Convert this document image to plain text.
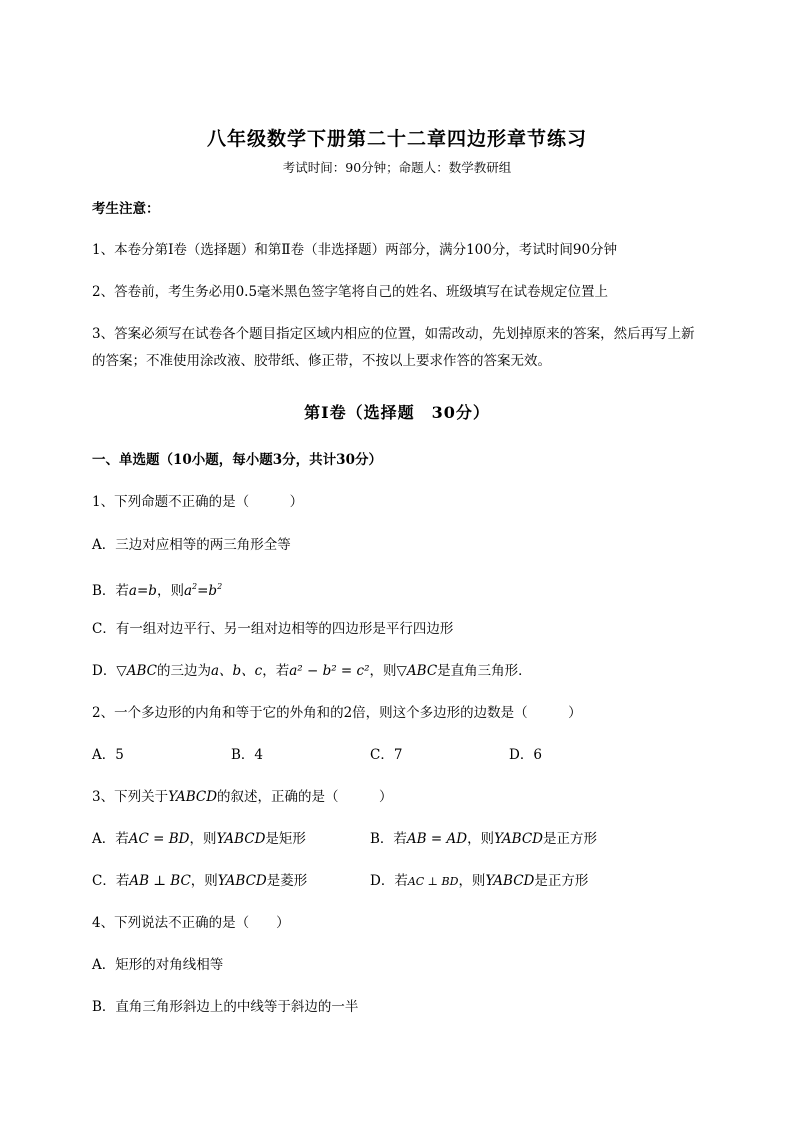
八年级数学下册第二十二章四边形章节练习
考试时间：90分钟；命题人：数学教研组
考生注意：
1、本卷分第Ⅰ卷（选择题）和第Ⅱ卷（非选择题）两部分，满分100分，考试时间90分钟
2、答卷前，考生务必用0.5毫米黑色签字笔将自己的姓名、班级填写在试卷规定位置上
3、答案必须写在试卷各个题目指定区域内相应的位置，如需改动，先划掉原来的答案，然后再写上新
的答案；不准使用涂改液、胶带纸、修正带，不按以上要求作答的答案无效。
第Ⅰ卷（选择题　30分）
一、单选题（10小题，每小题3分，共计30分）
1、下列命题不正确的是（　　　）
A．三边对应相等的两三角形全等
B．若a=b，则$a^2=b^2$
C．有一组对边平行、另一组对边相等的四边形是平行四边形
D．▽ABC的三边为a、b、c，若a² − b² = c²，则▽ABC是直角三角形．
2、一个多边形的内角和等于它的外角和的2倍，则这个多边形的边数是（　　　）
A．5	B．4	C．7	D．6
3、下列关于YABCD的叙述，正确的是（　　　）
A．若AC = BD，则YABCD是矩形	B．若AB = AD，则YABCD是正方形
C．若AB ⊥ BC，则YABCD是菱形	D．若AC ⊥ BD，则YABCD是正方形
4、下列说法不正确的是（　　）
A．矩形的对角线相等
B．直角三角形斜边上的中线等于斜边的一半
